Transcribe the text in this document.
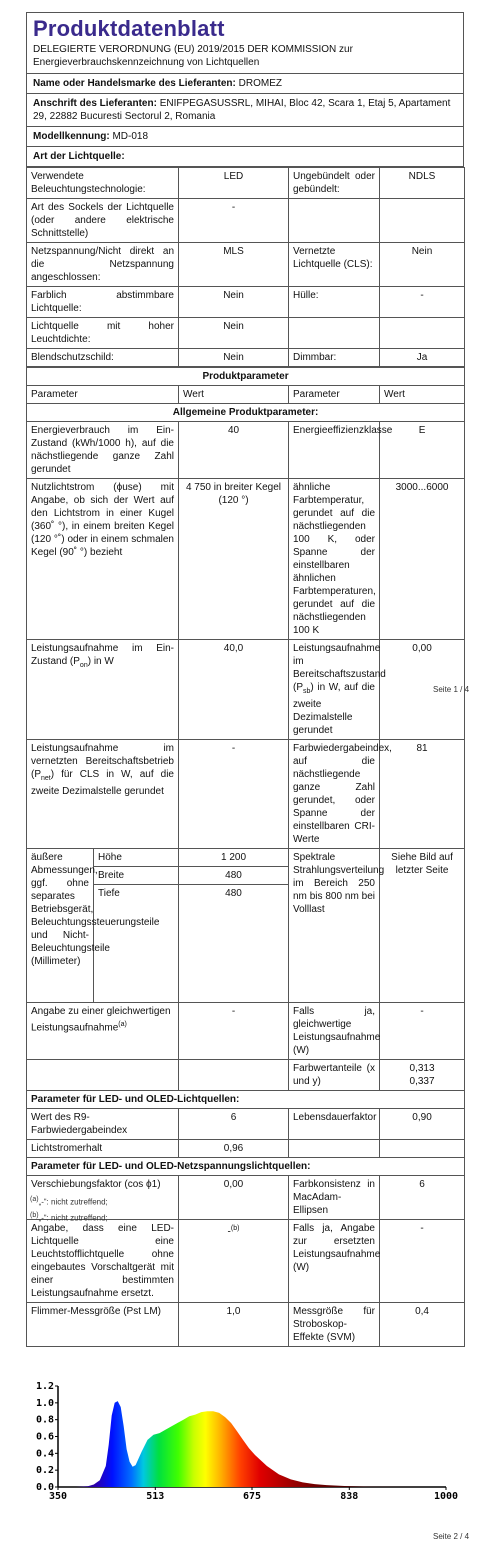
Produktdatenblatt
DELEGIERTE VERORDNUNG (EU) 2019/2015 DER KOMMISSION zur Energieverbrauchskennzeichnung von Lichtquellen
Name oder Handelsmarke des Lieferanten: DROMEZ
Anschrift des Lieferanten: ENIFPEGASUSSRL, MIHAI, Bloc 42, Scara 1, Etaj 5, Apartament 29, 22882 Bucuresti Sectorul 2, Romania
Modellkennung: MD-018
Art der Lichtquelle:
Verwendete Beleuchtungstechnologie:	LED	Ungebündelt oder gebündelt:	NDLS
Art des Sockels der Lichtquelle (oder andere elektrische Schnittstelle)	-		
Netzspannung/Nicht direkt an die Netzspannung angeschlossen:	MLS	Vernetzte Lichtquelle (CLS):	Nein
Farblich abstimmbare Lichtquelle:	Nein	Hülle:	-
Lichtquelle mit hoher Leuchtdichte:	Nein		
Blendschutzschild:	Nein	Dimmbar:	Ja
Produktparameter				
Parameter		Wert	Parameter	Wert
Allgemeine Produktparameter:				
Energieverbrauch im Ein-Zustand (kWh/1000 h), auf die nächstliegende ganze Zahl gerundet		40	Energieeffizienzklasse	E
Nutzlichtstrom (ϕuse) mit Angabe, ob sich der Wert auf den Lichtstrom in einer Kugel (360˚ °), in einem breiten Kegel (120 °˚) oder in einem schmalen Kegel (90˚ °) bezieht		4 750 in breiter Kegel (120 °)	ähnliche Farbtemperatur, gerundet auf die nächstliegenden 100 K, oder Spanne der einstellbaren ähnlichen Farbtemperaturen, gerundet auf die nächstliegenden 100 K	3000...6000
Leistungsaufnahme im Ein-Zustand $(P_{on})$ in W		40,0	Leistungsaufnahme im Bereitschaftszustand $(P_{sb})$ in W, auf die zweite Dezimalstelle gerundet	0,00
Leistungsaufnahme im vernetzten Bereitschaftsbetrieb $(P_{net})$ für CLS in W, auf die zweite Dezimalstelle gerundet		-	Farbwiedergabeindex, auf die nächstliegende ganze Zahl gerundet, oder Spanne der einstellbaren CRI-Werte	81
äußere Abmessungen, ggf. ohne separates Betriebsgerät, Beleuchtungssteuerungsteile und Nicht-Beleuchtungsteile (Millimeter)	Höhe	1 200	Spektrale Strahlungsverteilung im Bereich 250 nm bis 800 nm bei Volllast	Siehe Bild auf letzter Seite
	Breite	480		
	Tiefe	480		
Angabe zu einer gleichwertigen Leistungsaufnahme$^{(a)}$		-	Falls ja, gleichwertige Leistungsaufnahme (W)	-
			Farbwertanteile (x und y)	0,313
0,337

Parameter für LED- und OLED-Lichtquellen:				
Wert des R9-Farbwiedergabeindex		6	Lebensdauerfaktor	0,90
Lichtstromerhalt		0,96		
Parameter für LED- und OLED-Netzspannungslichtquellen:				
Verschiebungsfaktor (cos ϕ1)		0,00	Farbkonsistenz in MacAdam-Ellipsen	6
Angabe, dass eine LED-Lichtquelle eine Leuchtstofflichtquelle ohne eingebautes Vorschaltgerät mit einer bestimmten Leistungsaufnahme ersetzt.		-$^{(b)}$	Falls ja, Angabe zur ersetzten Leistungsaufnahme (W)	-
Flimmer-Messgröße (Pst LM)		1,0	Messgröße für Stroboskop-Effekte (SVM)	0,4
Seite 1 / 4
$^{(a)}$„-“: nicht zutreffend;
$^{(b)}$„-“: nicht zutreffend;
350	513	675	838	1000
0.0
0.2
0.4
0.6
0.8
1.0
1.2
Seite 2 / 4
